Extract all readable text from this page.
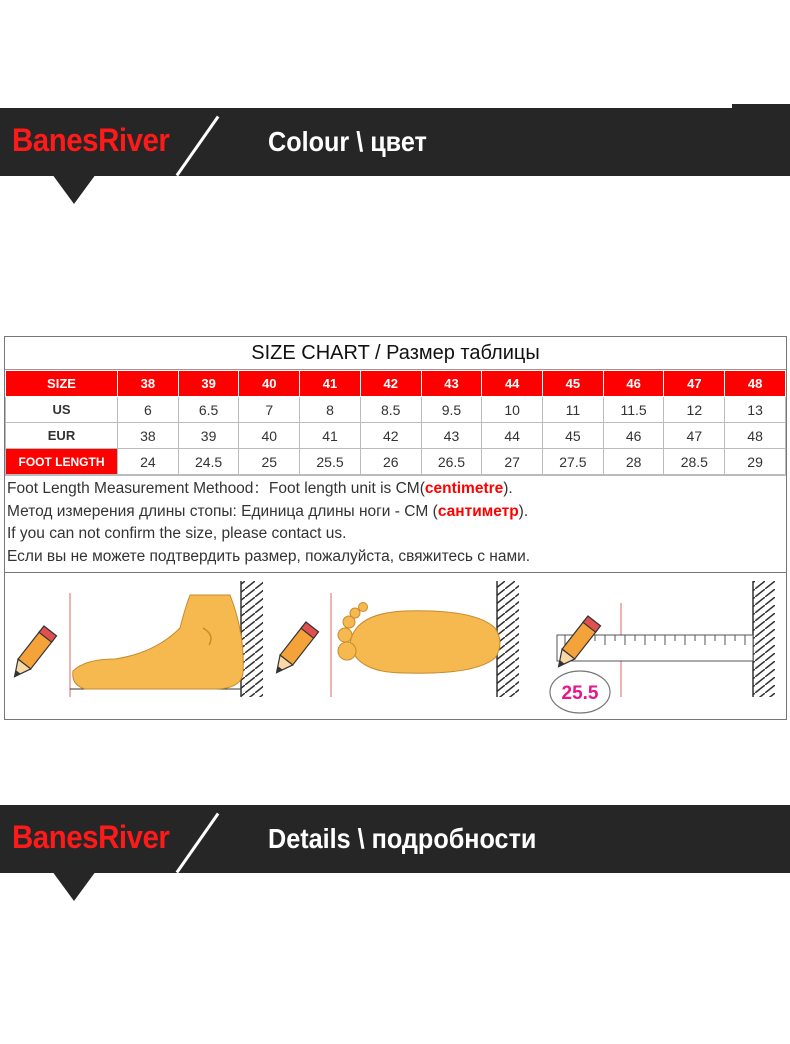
BanesRiver	Colour \ цвет
SIZE CHART / Размер таблицы
SIZE	38	39	40	41	42	43	44	45	46	47	48
US	6	6.5	7	8	8.5	9.5	10	11	11.5	12	13
EUR	38	39	40	41	42	43	44	45	46	47	48
FOOT LENGTH	24	24.5	25	25.5	26	26.5	27	27.5	28	28.5	29
Foot Length Measurement Methood：Foot length unit is CM(centimetre).
Метод измерения длины стопы: Единица длины ноги - CM (сантиметр).
If you can not confirm the size, please contact us.
Если вы не можете подтвердить размер, пожалуйста, свяжитесь с нами.
25.5
BanesRiver	Details \ подробности
